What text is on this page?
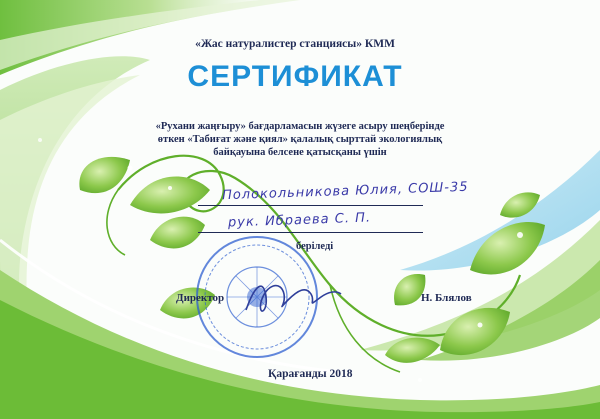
«Жас натуралистер станциясы» КММ
СЕРТИФИКАТ
«Рухани жаңғыру» бағдарламасын жүзеге асыру шеңберінде
өткен «Табиғат және қиял» қалалық сырттай экологиялық
байқауына белсене қатысқаны үшін
Полокольникова Юлия, СОШ-35
рук. Ибраева С. П.
беріледі
Директор	Н. Блялов
Қарағанды 2018
